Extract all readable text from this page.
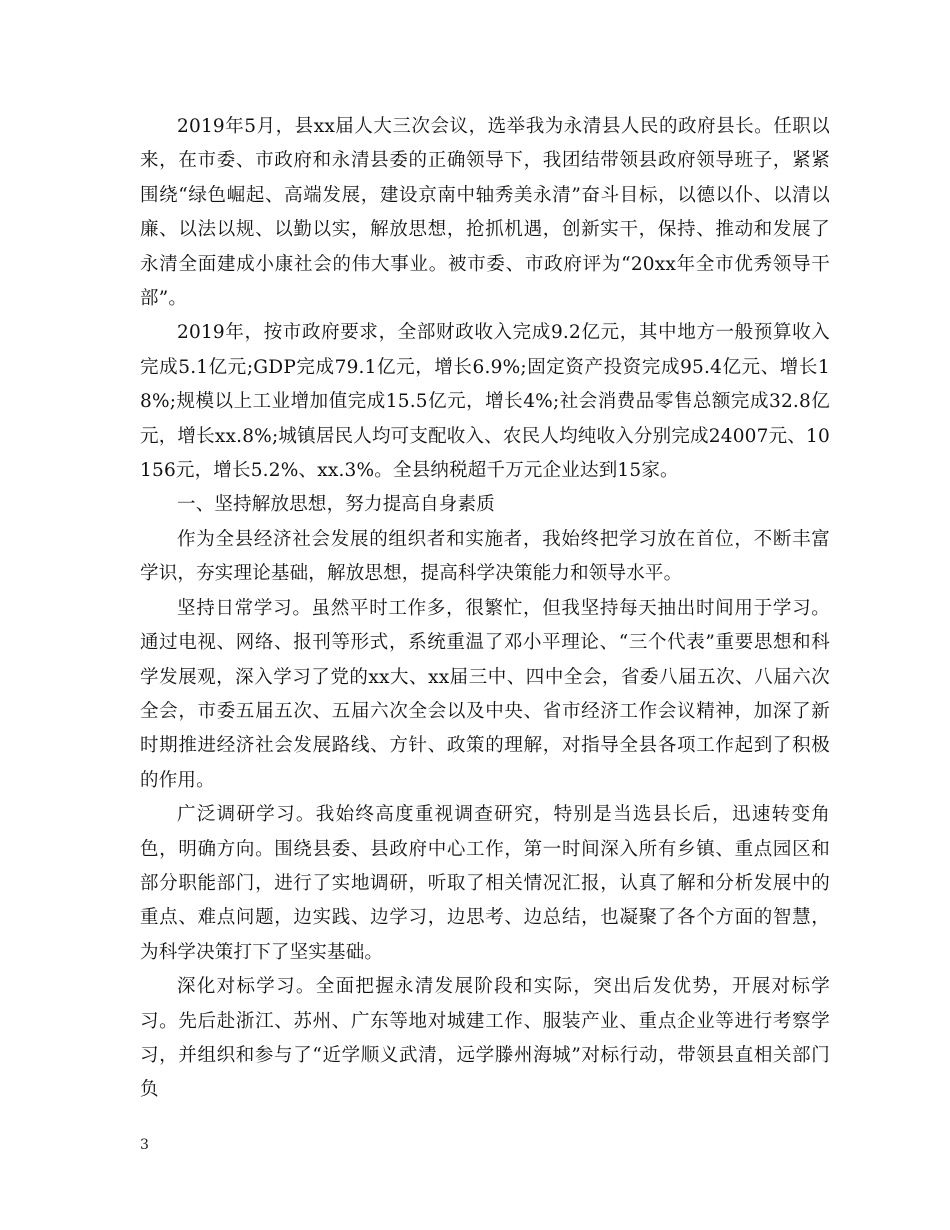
2019年5月，县xx届人大三次会议，选举我为永清县人民的政府县长。任职以来，在市委、市政府和永清县委的正确领导下，我团结带领县政府领导班子，紧紧围绕“绿色崛起、高端发展，建设京南中轴秀美永清”奋斗目标，以德以仆、以清以廉、以法以规、以勤以实，解放思想，抢抓机遇，创新实干，保持、推动和发展了永清全面建成小康社会的伟大事业。被市委、市政府评为“20xx年全市优秀领导干部”。

2019年，按市政府要求，全部财政收入完成9.2亿元，其中地方一般预算收入完成5.1亿元;GDP完成79.1亿元，增长6.9%;固定资产投资完成95.4亿元、增长18%;规模以上工业增加值完成15.5亿元，增长4%;社会消费品零售总额完成32.8亿元，增长xx.8%;城镇居民人均可支配收入、农民人均纯收入分别完成24007元、10156元，增长5.2%、xx.3%。全县纳税超千万元企业达到15家。

一、坚持解放思想，努力提高自身素质

作为全县经济社会发展的组织者和实施者，我始终把学习放在首位，不断丰富学识，夯实理论基础，解放思想，提高科学决策能力和领导水平。

坚持日常学习。虽然平时工作多，很繁忙，但我坚持每天抽出时间用于学习。通过电视、网络、报刊等形式，系统重温了邓小平理论、“三个代表”重要思想和科学发展观，深入学习了党的xx大、xx届三中、四中全会，省委八届五次、八届六次全会，市委五届五次、五届六次全会以及中央、省市经济工作会议精神，加深了新时期推进经济社会发展路线、方针、政策的理解，对指导全县各项工作起到了积极的作用。

广泛调研学习。我始终高度重视调查研究，特别是当选县长后，迅速转变角色，明确方向。围绕县委、县政府中心工作，第一时间深入所有乡镇、重点园区和部分职能部门，进行了实地调研，听取了相关情况汇报，认真了解和分析发展中的重点、难点问题，边实践、边学习，边思考、边总结，也凝聚了各个方面的智慧，为科学决策打下了坚实基础。

深化对标学习。全面把握永清发展阶段和实际，突出后发优势，开展对标学习。先后赴浙江、苏州、广东等地对城建工作、服装产业、重点企业等进行考察学习，并组织和参与了“近学顺义武清，远学滕州海城”对标行动，带领县直相关部门负

3
